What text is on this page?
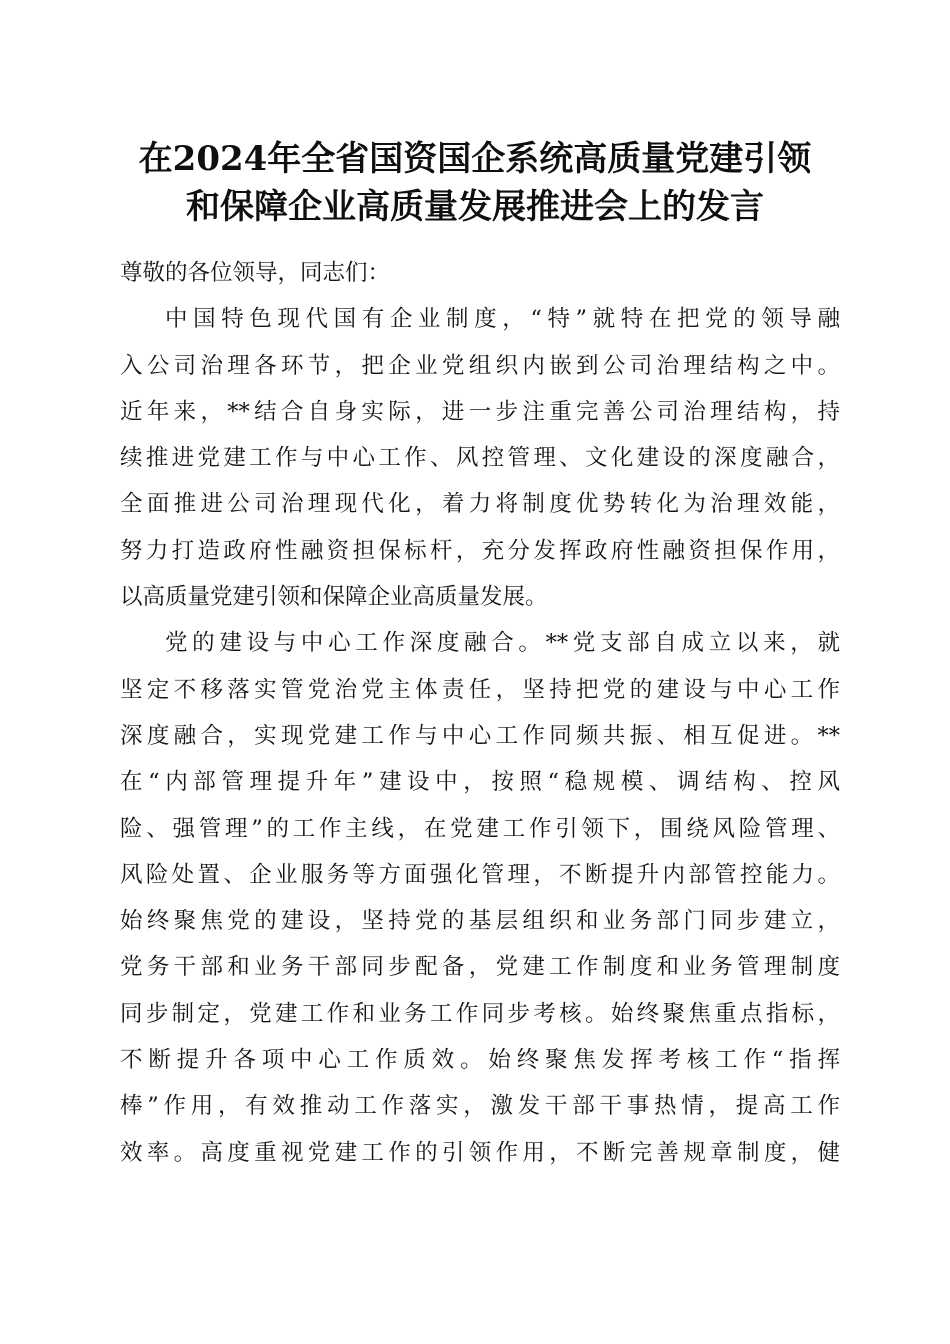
在2024年全省国资国企系统高质量党建引领
和保障企业高质量发展推进会上的发言
尊敬的各位领导，同志们：
中国特色现代国有企业制度，“特”就特在把党的领导融
入公司治理各环节，把企业党组织内嵌到公司治理结构之中。
近年来，**结合自身实际，进一步注重完善公司治理结构，持
续推进党建工作与中心工作、风控管理、文化建设的深度融合，
全面推进公司治理现代化，着力将制度优势转化为治理效能，
努力打造政府性融资担保标杆，充分发挥政府性融资担保作用，
以高质量党建引领和保障企业高质量发展。
党的建设与中心工作深度融合。**党支部自成立以来，就
坚定不移落实管党治党主体责任，坚持把党的建设与中心工作
深度融合，实现党建工作与中心工作同频共振、相互促进。**
在“内部管理提升年”建设中，按照“稳规模、调结构、控风
险、强管理”的工作主线，在党建工作引领下，围绕风险管理、
风险处置、企业服务等方面强化管理，不断提升内部管控能力。
始终聚焦党的建设，坚持党的基层组织和业务部门同步建立，
党务干部和业务干部同步配备，党建工作制度和业务管理制度
同步制定，党建工作和业务工作同步考核。始终聚焦重点指标，
不断提升各项中心工作质效。始终聚焦发挥考核工作“指挥
棒”作用，有效推动工作落实，激发干部干事热情，提高工作
效率。高度重视党建工作的引领作用，不断完善规章制度，健
